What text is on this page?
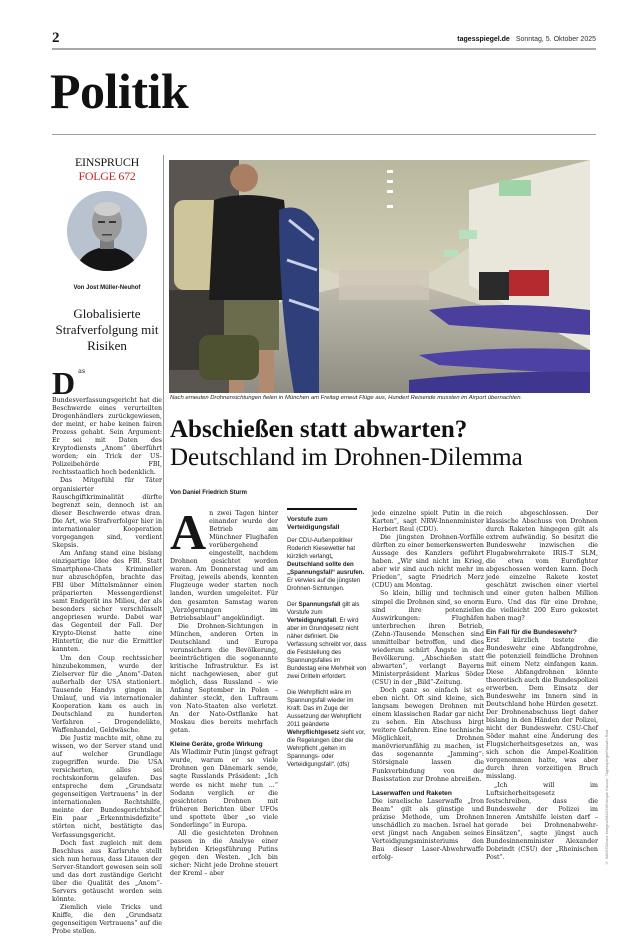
2	tagesspiegel.de Sonntag, 5. Oktober 2025
Politik
EINSPRUCH
FOLGE 672
Von Jost Müller-Neuhof
Globalisierte Strafverfolgung mit Risiken

Das Bundesverfassungsgericht hat die Beschwerde eines verurteilten Drogenhändlers zurückgewiesen, der meint, er habe keinen fairen Prozess gehabt. Sein Argument: Er sei mit Daten des Kryptodiensts „Anom“ überführt worden; ein Trick der US-Polizeibehörde FBI, rechtsstaatlich hoch bedenklich.

Das Mitgefühl für Täter organisierter Rauschgiftkriminalität dürfte begrenzt sein, dennoch ist an dieser Beschwerde etwas dran. Die Art, wie Strafverfolger hier in internationaler Kooperation vorgegangen sind, verdient Skepsis.

Am Anfang stand eine bislang einzigartige Idee des FBI. Statt Smartphone-Chats Krimineller nur abzuschöpfen, brachte das FBI über Mittelsmänner einen präparierten Messengerdienst samt Endgerät ins Milieu, der als besonders sicher verschlüsselt angepriesen wurde. Dabei war das Gegenteil der Fall. Der Krypto-Dienst hatte eine Hintertür, die nur die Ermittler kannten.

Um den Coup rechtssicher hinzubekommen, wurde der Zielserver für die „Anom“-Daten außerhalb der USA stationiert. Tausende Handys gingen in Umlauf, und via internationaler Kooperation kam es auch in Deutschland zu hunderten Verfahren – Drogendelikte, Waffenhandel, Geldwäsche.

Die Justiz machte mit, ohne zu wissen, wo der Server stand und auf welcher Grundlage zugegriffen wurde. Die USA versicherten, alles sei rechtskonform gelaufen. Das entspreche dem „Grundsatz gegenseitigen Vertrauens“ in der internationalen Rechtshilfe, meinte der Bundesgerichtshof. Ein paar „Erkenntnisdefizite“ störten nicht, bestätigte das Verfassungsgericht.

Doch fast zugleich mit dem Beschluss aus Karlsruhe stellt sich nun heraus, dass Litauen der Server-Standort gewesen sein soll und das dort zuständige Gericht über die Qualität des „Anom“-Servers getäuscht worden sein könnte.

Ziemlich viele Tricks und Kniffe, die den „Grundsatz gegenseitigen Vertrauens“ auf die Probe stellen.

Nach erneuten Drohnensichtungen fielen in München am Freitag erneut Flüge aus, Hundert Reisende mussten im Airport übernachten.
Abschießen statt abwarten?
Deutschland im Drohnen-Dilemma
Von Daniel Friedrich Sturm

An zwei Tagen hinter einander wurde der Betrieb am Münchner Flughafen vorübergehend eingestellt, nachdem Drohnen gesichtet worden waren. Am Donnerstag und am Freitag, jeweils abends, konnten Flugzeuge weder starten noch landen, wurden umgeleitet. Für den gesamten Samstag waren „Verzögerungen im Betriebsablauf“ angekündigt.

Die Drohnen-Sichtungen in München, anderen Orten in Deutschland und Europa verunsichern die Bevölkerung, beeinträchtigen die sogenannte kritische Infrastruktur. Es ist nicht nachgewiesen, aber gut möglich, dass Russland – wie Anfang September in Polen – dahinter steckt, den Luftraum von Nato-Staaten also verletzt. An der Nato-Ostflanke hat Moskau dies bereits mehrfach getan.

Kleine Geräte, große Wirkung

Als Wladimir Putin jüngst gefragt wurde, warum er so viele Drohnen gen Dänemark sende, sagte Russlands Präsident: „Ich werde es nicht mehr tun ...“ Sodann verglich er die gesichteten Drohnen mit früheren Berichten über UFOs und spottete über „so viele Sonderlinge“ in Europa.

All die gesichteten Drohnen passen in die Analyse einer hybriden Kriegsführung Putins gegen den Westen. „Ich bin sicher: Nicht jede Drohne steuert der Kreml – aber

Vorstufe zum Verteidigungsfall

Der CDU-Außenpolitiker Roderich Kiesewetter hat kürzlich verlangt, Deutschland sollte den „Spannungsfall“ ausrufen. Er verwies auf die jüngsten Drohnen-Sichtungen.

Der Spannungsfall gilt als Vorstufe zum Verteidigungsfall. Er wird aber im Grundgesetz nicht näher definiert. Die Verfassung schreibt vor, dass die Feststellung des Spannungsfalles im Bundestag eine Mehrheit von zwei Dritteln erfordert.

Die Wehrpflicht wäre im Spannungsfall wieder im Kraft. Das im Zuge der Aussetzung der Wehrpflicht 2011 geänderte Wehrpflichtgesetz sieht vor, die Regelungen über die Wehrpflicht „gelten im Spannungs- oder Verteidigungsfall“. (dfs)

jede einzelne spielt Putin in die Karten“, sagt NRW-Innenminister Herbert Reul (CDU).

Die jüngsten Drohnen-Vorfälle dürften zu einer bemerkenswerten Aussage des Kanzlers geführt haben. „Wir sind nicht im Krieg, aber wir sind auch nicht mehr im Frieden“, sagte Friedrich Merz (CDU) am Montag.

So klein, billig und technisch simpel die Drohnen sind, so enorm sind ihre potenziellen Auswirkungen: Flughäfen unterbrechen ihren Betrieb, (Zehn-)Tausende Menschen sind unmittelbar betroffen, und dies wiederum schürt Ängste in der Bevölkerung. „Abschießen statt abwarten“, verlangt Bayerns Ministerpräsident Markus Söder (CSU) in der „Bild“-Zeitung.

Doch ganz so einfach ist es eben nicht. Oft sind kleine, sich langsam bewegen Drohnen mit einem klassischen Radar gar nicht zu sehen. Ein Abschuss birgt weitere Gefahren. Eine technische Möglichkeit, Drohnen manövrierunfähig zu machen, ist das sogenannte „Jamming“: Störsignale lassen die Funkverbindung von der Basisstation zur Drohne abreißen.

Laserwaffen und Raketen

Die israelische Laserwaffe „Iron Beam“ gilt als günstige und präzise Methode, um Drohnen unschädlich zu machen. Israel hat erst jüngst nach Angaben seines Verteidigungsministeriums den Bau dieser Laser-Abwehrwaffe erfolg-

reich abgeschlossen. Der klassische Abschuss von Drohnen durch Raketen hingegen gilt als extrem aufwändig. So besitzt die Bundeswehr inzwischen die Flugabwehrrakete IRIS-T SLM, die etwa vom Eurofighter abgeschossen werden kann. Doch jede einzelne Rakete kostet geschätzt zwischen einer viertel und einer guten halben Million Euro. Und das für eine Drohne, die vielleicht 200 Euro gekostet haben mag?

Ein Fall für die Bundeswehr?

Erst kürzlich testete die Bundeswehr eine Abfangdrohne, die potenziell feindliche Drohnen mit einem Netz einfangen kann. Diese Abfangdrohnen könnte theoretisch auch die Bundespolizei erwerben. Dem Einsatz der Bundeswehr im Innern sind in Deutschland hohe Hürden gesetzt. Der Drohnenabschuss liegt daher bislang in den Händen der Polizei, nicht der Bundeswehr. CSU-Chef Söder mahnt eine Änderung des Flugsicherheitsgesetzes an, was sich schon die Ampel-Koalition vorgenommen hatte, was aber durch ihren vorzeitigen Bruch misslang.

„Ich will im Luftsicherheitsgesetz festschreiben, dass die Bundeswehr der Polizei im Inneren Amtshilfe leisten darf – gerade bei Drohnenabwehr-Einsätzen“, sagte jüngst auch Bundesinnenminister Alexander Dobrindt (CSU) der „Rheinischen Post“.	© IMAGO/Anna Images/IMAGO/Enrique Kaczor; Tagesspiegel/Nassim Rad
